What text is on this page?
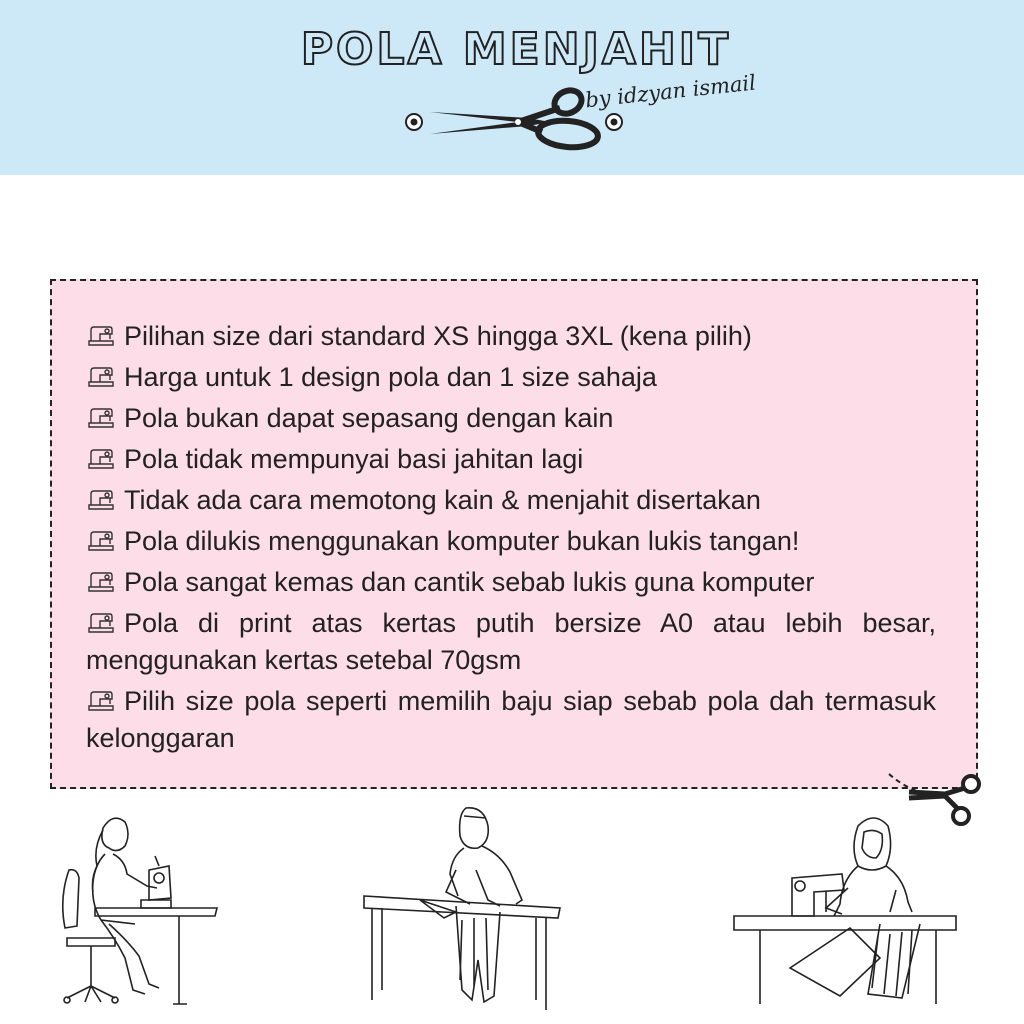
POLA MENJAHIT
by idzyan ismail
Pilihan size dari standard XS hingga 3XL (kena pilih)
Harga untuk 1 design pola dan 1 size sahaja
Pola bukan dapat sepasang dengan kain
Pola tidak mempunyai basi jahitan lagi
Tidak ada cara memotong kain & menjahit disertakan
Pola dilukis menggunakan komputer bukan lukis tangan!
Pola sangat kemas dan cantik sebab lukis guna komputer
Pola di print atas kertas putih bersize A0 atau lebih besar, menggunakan kertas setebal 70gsm
Pilih size pola seperti memilih baju siap sebab pola dah termasuk kelonggaran
